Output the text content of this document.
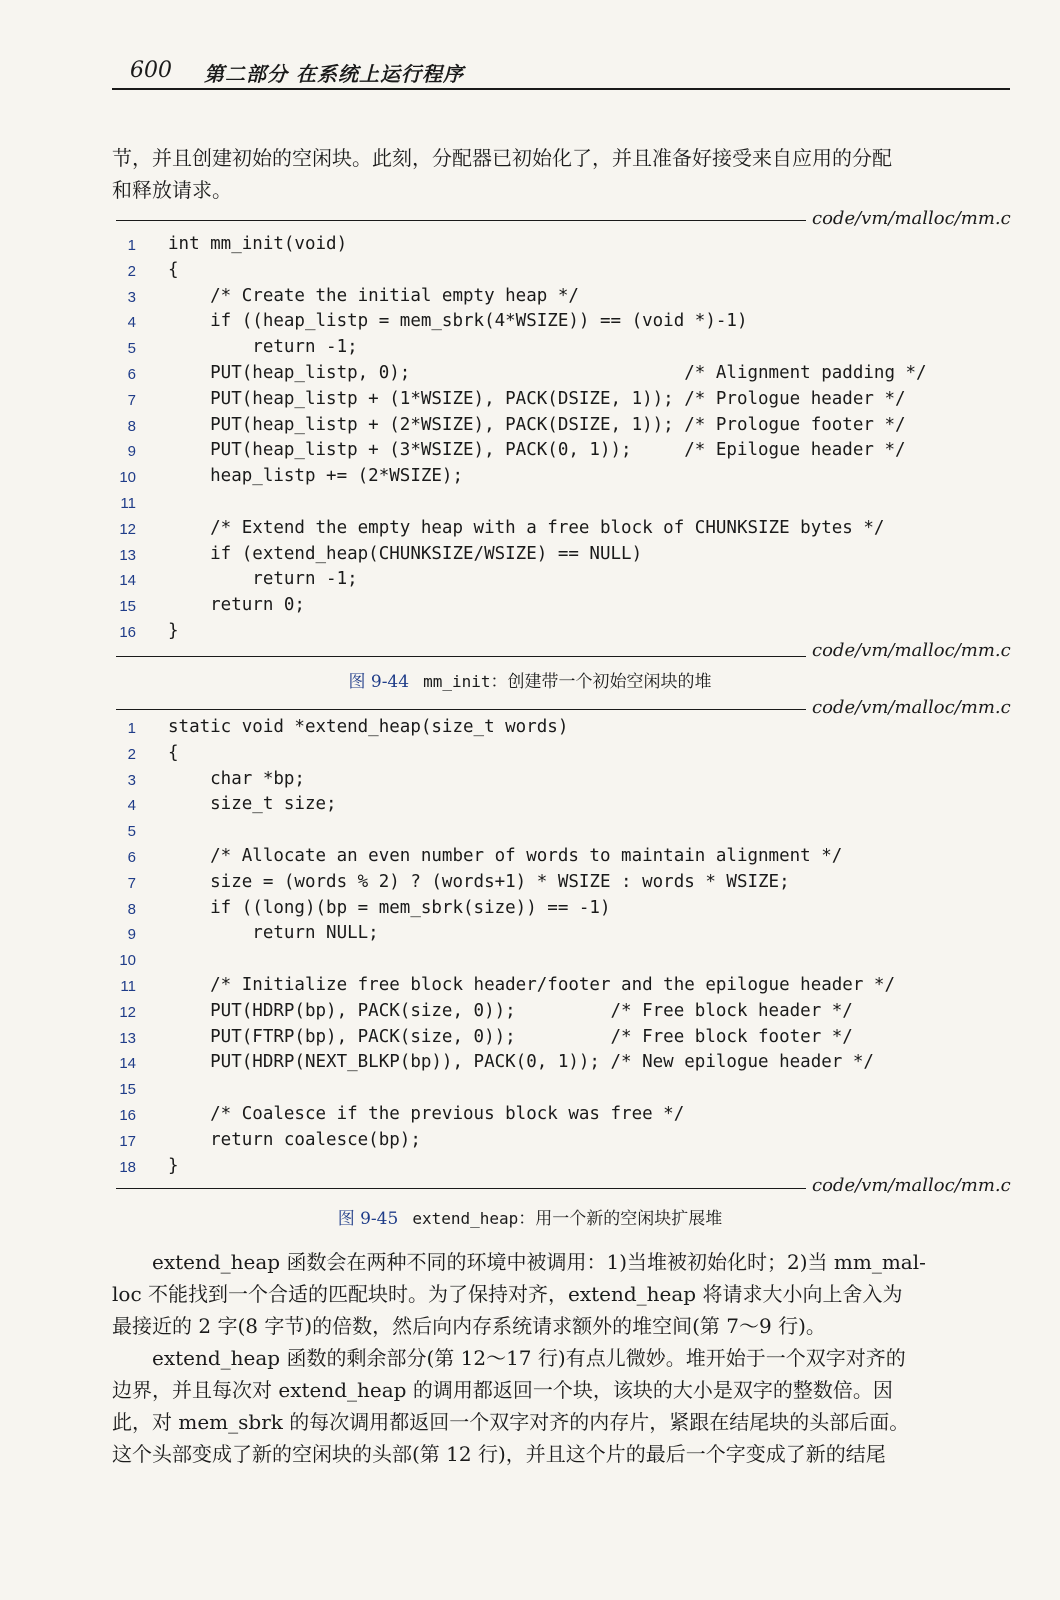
600 第二部分 在系统上运行程序
节，并且创建初始的空闲块。此刻，分配器已初始化了，并且准备好接受来自应用的分配
和释放请求。
code/vm/malloc/mm.c
1 int mm_init(void)
2 {
3 /* Create the initial empty heap */
4 if ((heap_listp = mem_sbrk(4*WSIZE)) == (void *)-1)
5 return -1;
6 PUT(heap_listp, 0);                          /* Alignment padding */
7 PUT(heap_listp + (1*WSIZE), PACK(DSIZE, 1)); /* Prologue header */
8 PUT(heap_listp + (2*WSIZE), PACK(DSIZE, 1)); /* Prologue footer */
9 PUT(heap_listp + (3*WSIZE), PACK(0, 1));     /* Epilogue header */
10 heap_listp += (2*WSIZE);
11
12 /* Extend the empty heap with a free block of CHUNKSIZE bytes */
13 if (extend_heap(CHUNKSIZE/WSIZE) == NULL)
14 return -1;
15 return 0;
16 }
code/vm/malloc/mm.c
图 9-44 mm_init：创建带一个初始空闲块的堆
code/vm/malloc/mm.c
1 static void *extend_heap(size_t words)
2 {
3 char *bp;
4 size_t size;
5
6 /* Allocate an even number of words to maintain alignment */
7 size = (words % 2) ? (words+1) * WSIZE : words * WSIZE;
8 if ((long)(bp = mem_sbrk(size)) == -1)
9 return NULL;
10
11 /* Initialize free block header/footer and the epilogue header */
12 PUT(HDRP(bp), PACK(size, 0));         /* Free block header */
13 PUT(FTRP(bp), PACK(size, 0));         /* Free block footer */
14 PUT(HDRP(NEXT_BLKP(bp)), PACK(0, 1)); /* New epilogue header */
15
16 /* Coalesce if the previous block was free */
17 return coalesce(bp);
18 }
code/vm/malloc/mm.c
图 9-45 extend_heap：用一个新的空闲块扩展堆
　　extend_heap 函数会在两种不同的环境中被调用：1)当堆被初始化时；2)当 mm_mal-
loc 不能找到一个合适的匹配块时。为了保持对齐，extend_heap 将请求大小向上舍入为
最接近的 2 字(8 字节)的倍数，然后向内存系统请求额外的堆空间(第 7～9 行)。
　　extend_heap 函数的剩余部分(第 12～17 行)有点儿微妙。堆开始于一个双字对齐的
边界，并且每次对 extend_heap 的调用都返回一个块，该块的大小是双字的整数倍。因
此，对 mem_sbrk 的每次调用都返回一个双字对齐的内存片，紧跟在结尾块的头部后面。
这个头部变成了新的空闲块的头部(第 12 行)，并且这个片的最后一个字变成了新的结尾
